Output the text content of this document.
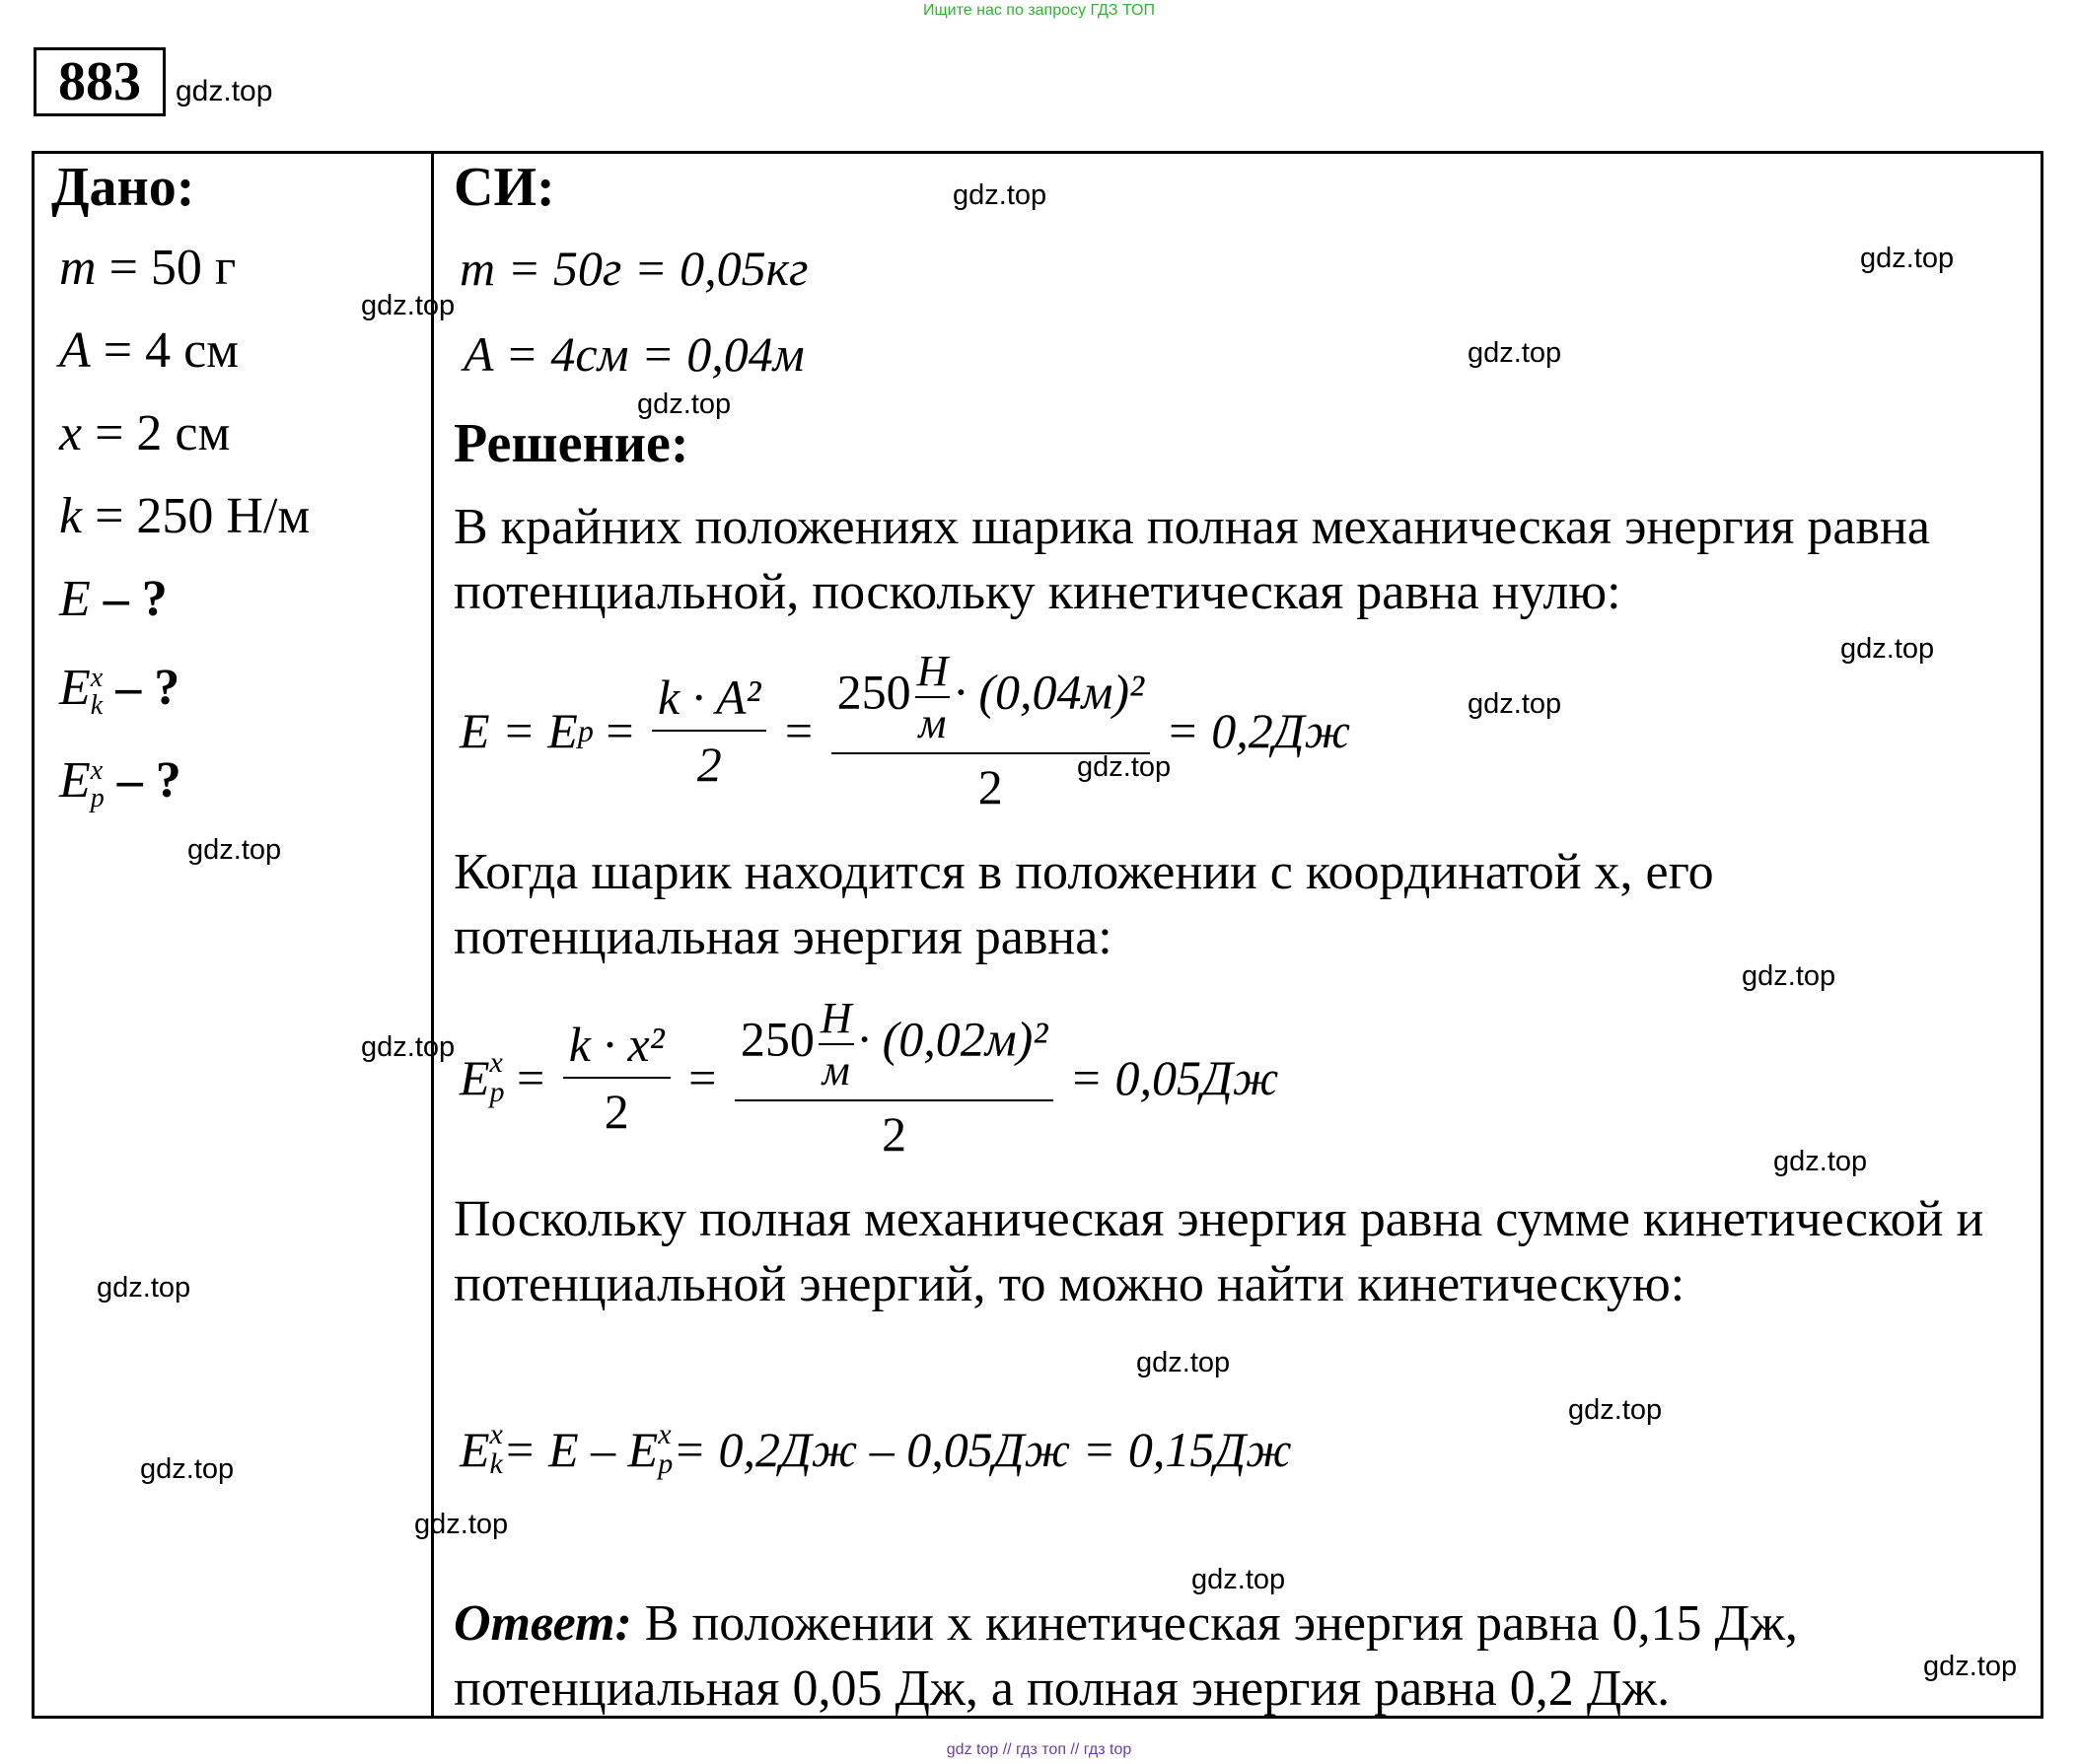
Ищите нас по запросу ГДЗ ТОП
883	gdz.top
Дано:
m = 50 г
A = 4 см
x = 2 см
k = 250 Н/м
E – ?
E x
k – ?
E x
p – ?
СИ:
m = 50г = 0,05кг
A = 4см = 0,04м
Решение:
В крайних положениях шарика полная механическая энергия равна потенциальной, поскольку кинетическая равна нулю:
E = E $p = \frac{\text{k · A²}}{2} = \frac{250 \frac{Н}{м} \cdot (0,04м)^2}{2} = 0,2Дж$
Когда шарик находится в положении с координатой x, его потенциальная энергия равна:
E x
$p = \frac{\text{k · x²}}{2} = \frac{250 \frac{Н}{м} \cdot (0,02м)^2}{2} = 0,05Дж$
Поскольку полная механическая энергия равна сумме кинетической и потенциальной энергий, то можно найти кинетическую:
E x
k = E – E x
p = 0,2Дж – 0,05Дж = 0,15Дж
Ответ: В положении x кинетическая энергия равна 0,15 Дж, потенциальная 0,05 Дж, а полная энергия равна 0,2 Дж.
gdz.top
gdz.top
gdz.top
gdz.top
gdz.top
gdz.top
gdz.top
gdz.top
gdz.top
gdz.top
gdz.top
gdz.top
gdz.top
gdz.top
gdz.top
gdz.top
gdz.top
gdz.top
gdz.top
gdz top // гдз топ // гдз top
